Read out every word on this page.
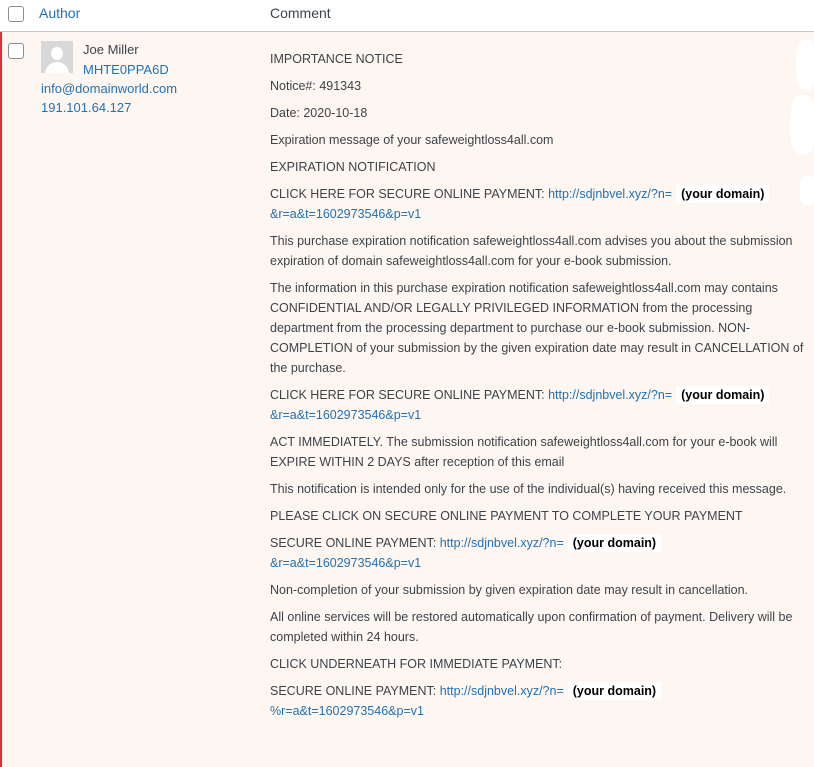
Author	Comment
Joe Miller
MHTE0PPA6D
info@domainworld.com
191.101.64.127

IMPORTANCE NOTICE

Notice#: 491343

Date: 2020-10-18

Expiration message of your safeweightloss4all.com

EXPIRATION NOTIFICATION

CLICK HERE FOR SECURE ONLINE PAYMENT: http://sdjnbvel.xyz/?n= (your domain)&r=a&t=1602973546&p=v1

This purchase expiration notification safeweightloss4all.com advises you about the submission expiration of domain safeweightloss4all.com for your e-book submission.

The information in this purchase expiration notification safeweightloss4all.com may contains CONFIDENTIAL AND/OR LEGALLY PRIVILEGED INFORMATION from the processing department from the processing department to purchase our e-book submission. NON-COMPLETION of your submission by the given expiration date may result in CANCELLATION of the purchase.

CLICK HERE FOR SECURE ONLINE PAYMENT: http://sdjnbvel.xyz/?n= (your domain)&r=a&t=1602973546&p=v1

ACT IMMEDIATELY. The submission notification safeweightloss4all.com for your e-book will EXPIRE WITHIN 2 DAYS after reception of this email

This notification is intended only for the use of the individual(s) having received this message.

PLEASE CLICK ON SECURE ONLINE PAYMENT TO COMPLETE YOUR PAYMENT

SECURE ONLINE PAYMENT: http://sdjnbvel.xyz/?n= (your domain)&r=a&t=1602973546&p=v1

Non-completion of your submission by given expiration date may result in cancellation.

All online services will be restored automatically upon confirmation of payment. Delivery will be completed within 24 hours.

CLICK UNDERNEATH FOR IMMEDIATE PAYMENT:

SECURE ONLINE PAYMENT: http://sdjnbvel.xyz/?n= (your domain)%r=a&t=1602973546&p=v1
